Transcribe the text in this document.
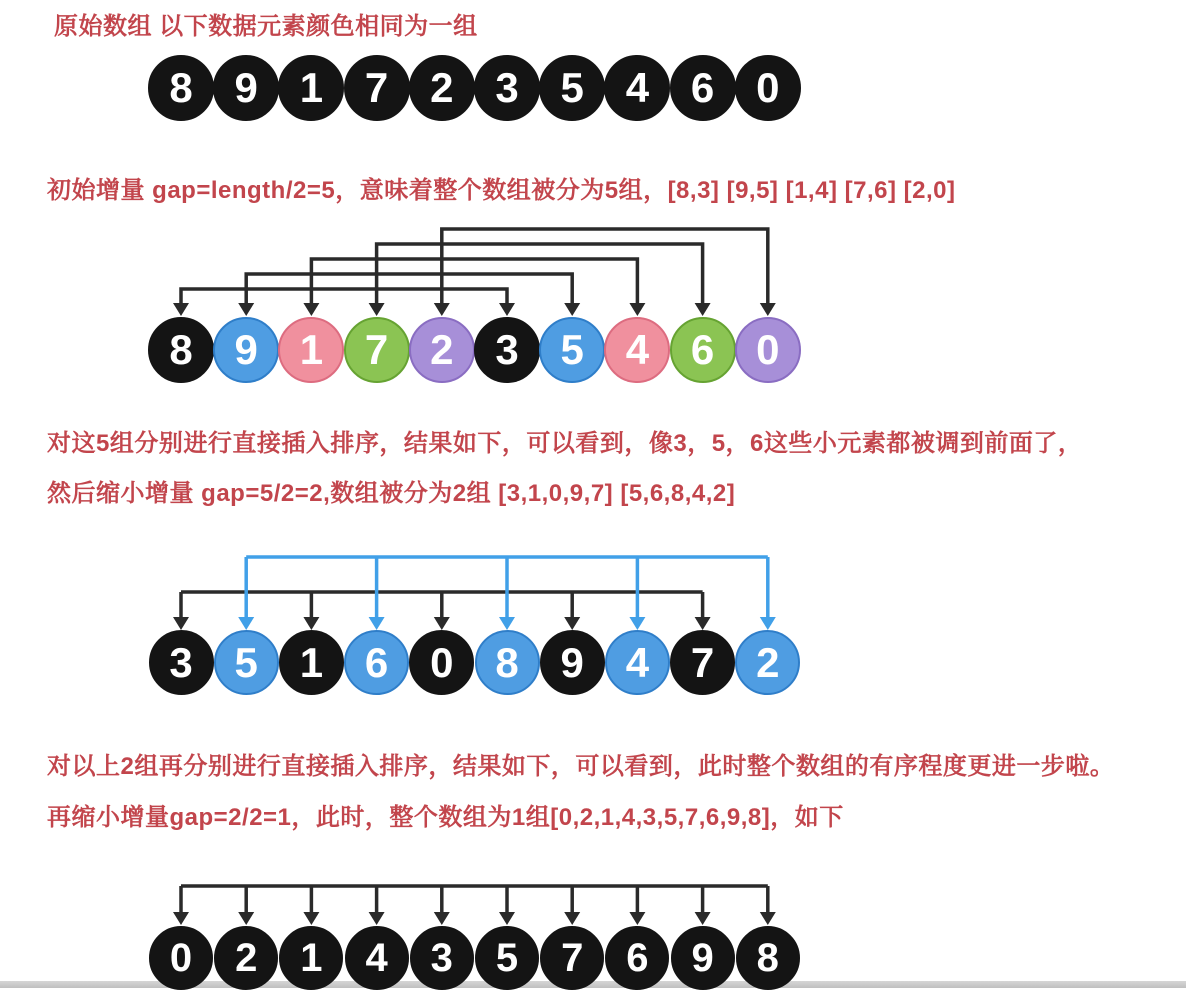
原始数组 以下数据元素颜色相同为一组
初始增量 gap=length/2=5，意味着整个数组被分为5组，[8,3] [9,5] [1,4] [7,6] [2,0]
对这5组分别进行直接插入排序，结果如下，可以看到，像3，5，6这些小元素都被调到前面了，
然后缩小增量 gap=5/2=2,数组被分为2组 [3,1,0,9,7] [5,6,8,4,2]
对以上2组再分别进行直接插入排序，结果如下，可以看到，此时整个数组的有序程度更进一步啦。
再缩小增量gap=2/2=1，此时，整个数组为1组[0,2,1,4,3,5,7,6,9,8]，如下
8 9 1 7 2 3 5 4 6 0
8 9 1 7 2 3 5 4 6 0
3 5 1 6 0 8 9 4 7 2
0	2	1	4	3	5	7	6	9	8
